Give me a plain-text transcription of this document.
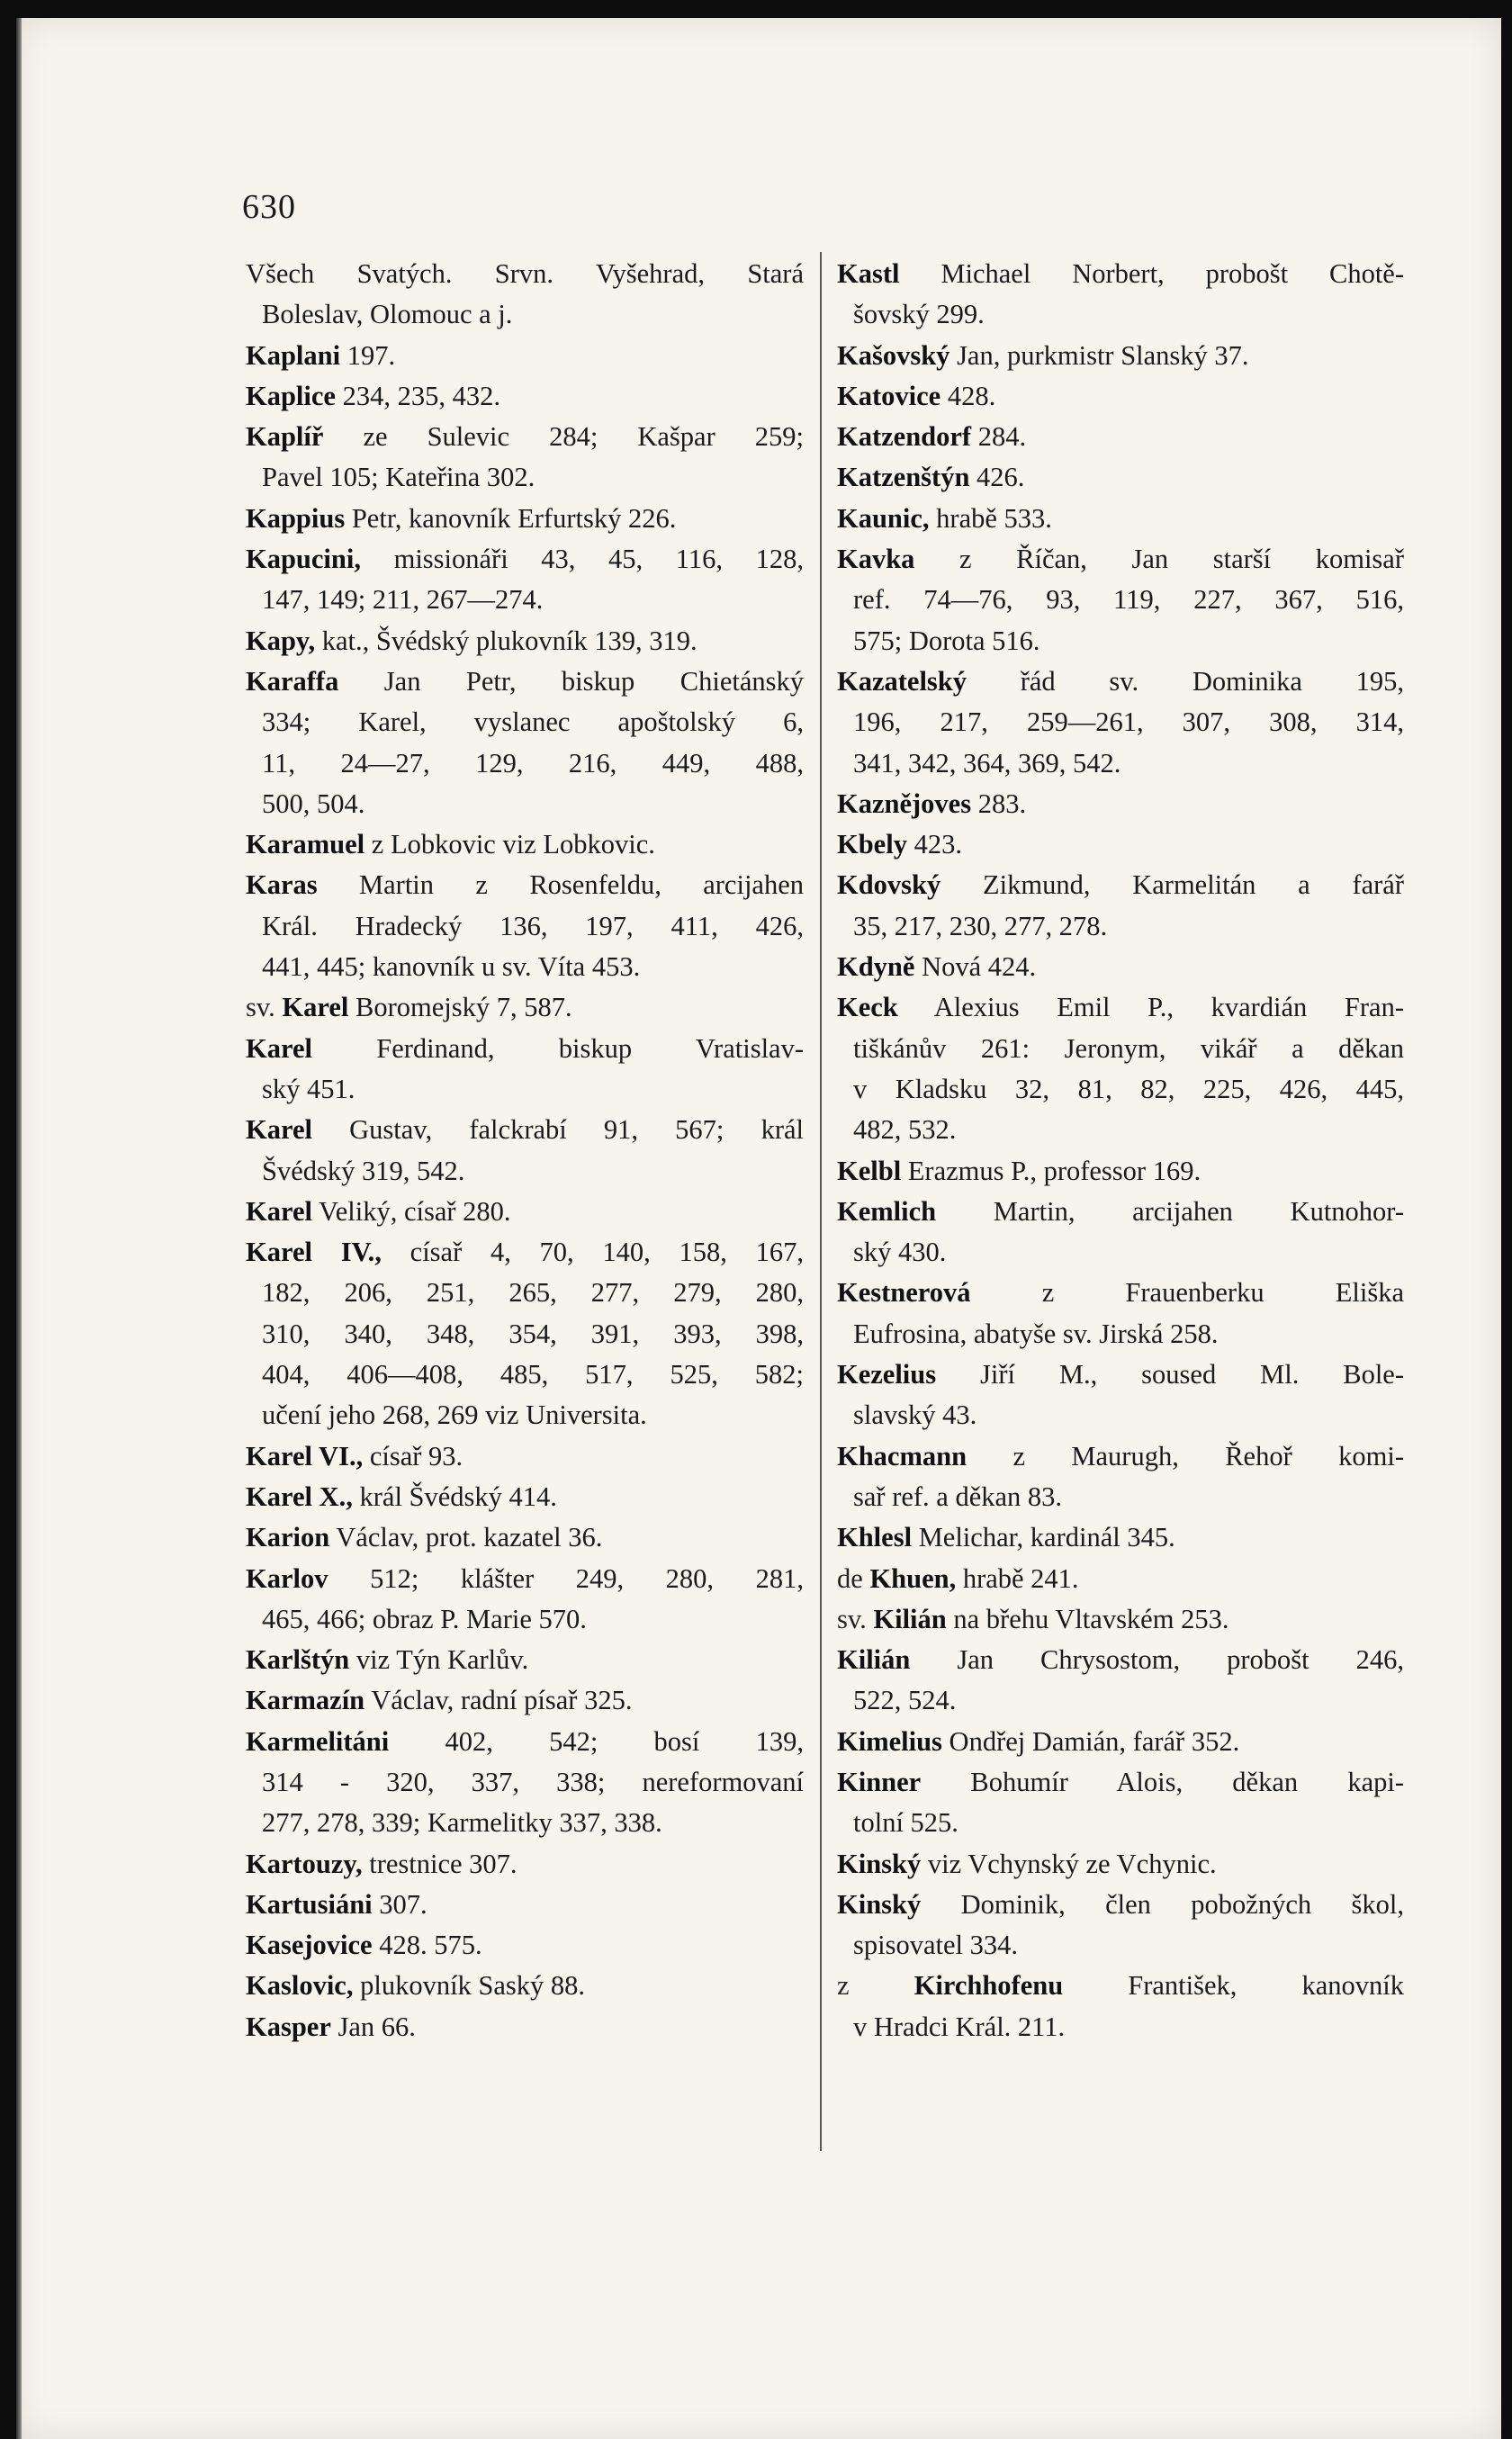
630
Všech Svatých. Srvn. Vyšehrad, Stará
Boleslav, Olomouc a j.
Kaplani 197.
Kaplice 234, 235, 432.
Kaplíř ze Sulevic 284; Kašpar 259;
Pavel 105; Kateřina 302.
Kappius Petr, kanovník Erfurtský 226.
Kapucini, missionáři 43, 45, 116, 128,
147, 149; 211, 267—274.
Kapy, kat., Švédský plukovník 139, 319.
Karaffa Jan Petr, biskup Chietánský
334; Karel, vyslanec apoštolský 6,
11, 24—27, 129, 216, 449, 488,
500, 504.
Karamuel z Lobkovic viz Lobkovic.
Karas Martin z Rosenfeldu, arcijahen
Král. Hradecký 136, 197, 411, 426,
441, 445; kanovník u sv. Víta 453.
sv. Karel Boromejský 7, 587.
Karel Ferdinand, biskup Vratislav-
ský 451.
Karel Gustav, falckrabí 91, 567; král
Švédský 319, 542.
Karel Veliký, císař 280.
Karel IV., císař 4, 70, 140, 158, 167,
182, 206, 251, 265, 277, 279, 280,
310, 340, 348, 354, 391, 393, 398,
404, 406—408, 485, 517, 525, 582;
učení jeho 268, 269 viz Universita.
Karel VI., císař 93.
Karel X., král Švédský 414.
Karion Václav, prot. kazatel 36.
Karlov 512; klášter 249, 280, 281,
465, 466; obraz P. Marie 570.
Karlštýn viz Týn Karlův.
Karmazín Václav, radní písař 325.
Karmelitáni 402, 542; bosí 139,
314 - 320, 337, 338; nereformovaní
277, 278, 339; Karmelitky 337, 338.
Kartouzy, trestnice 307.
Kartusiáni 307.
Kasejovice 428. 575.
Kaslovic, plukovník Saský 88.
Kasper Jan 66.
Kastl Michael Norbert, probošt Chotě-
šovský 299.
Kašovský Jan, purkmistr Slanský 37.
Katovice 428.
Katzendorf 284.
Katzenštýn 426.
Kaunic, hrabě 533.
Kavka z Říčan, Jan starší komisař
ref. 74—76, 93, 119, 227, 367, 516,
575; Dorota 516.
Kazatelský řád sv. Dominika 195,
196, 217, 259—261, 307, 308, 314,
341, 342, 364, 369, 542.
Kaznějoves 283.
Kbely 423.
Kdovský Zikmund, Karmelitán a farář
35, 217, 230, 277, 278.
Kdyně Nová 424.
Keck Alexius Emil P., kvardián Fran-
tiškánův 261: Jeronym, vikář a děkan
v Kladsku 32, 81, 82, 225, 426, 445,
482, 532.
Kelbl Erazmus P., professor 169.
Kemlich Martin, arcijahen Kutnohor-
ský 430.
Kestnerová z Frauenberku Eliška
Eufrosina, abatyše sv. Jirská 258.
Kezelius Jiří M., soused Ml. Bole-
slavský 43.
Khacmann z Maurugh, Řehoř komi-
sař ref. a děkan 83.
Khlesl Melichar, kardinál 345.
de Khuen, hrabě 241.
sv. Kilián na břehu Vltavském 253.
Kilián Jan Chrysostom, probošt 246,
522, 524.
Kimelius Ondřej Damián, farář 352.
Kinner Bohumír Alois, děkan kapi-
tolní 525.
Kinský viz Vchynský ze Vchynic.
Kinský Dominik, člen pobožných škol,
spisovatel 334.
z Kirchhofenu František, kanovník
v Hradci Král. 211.
